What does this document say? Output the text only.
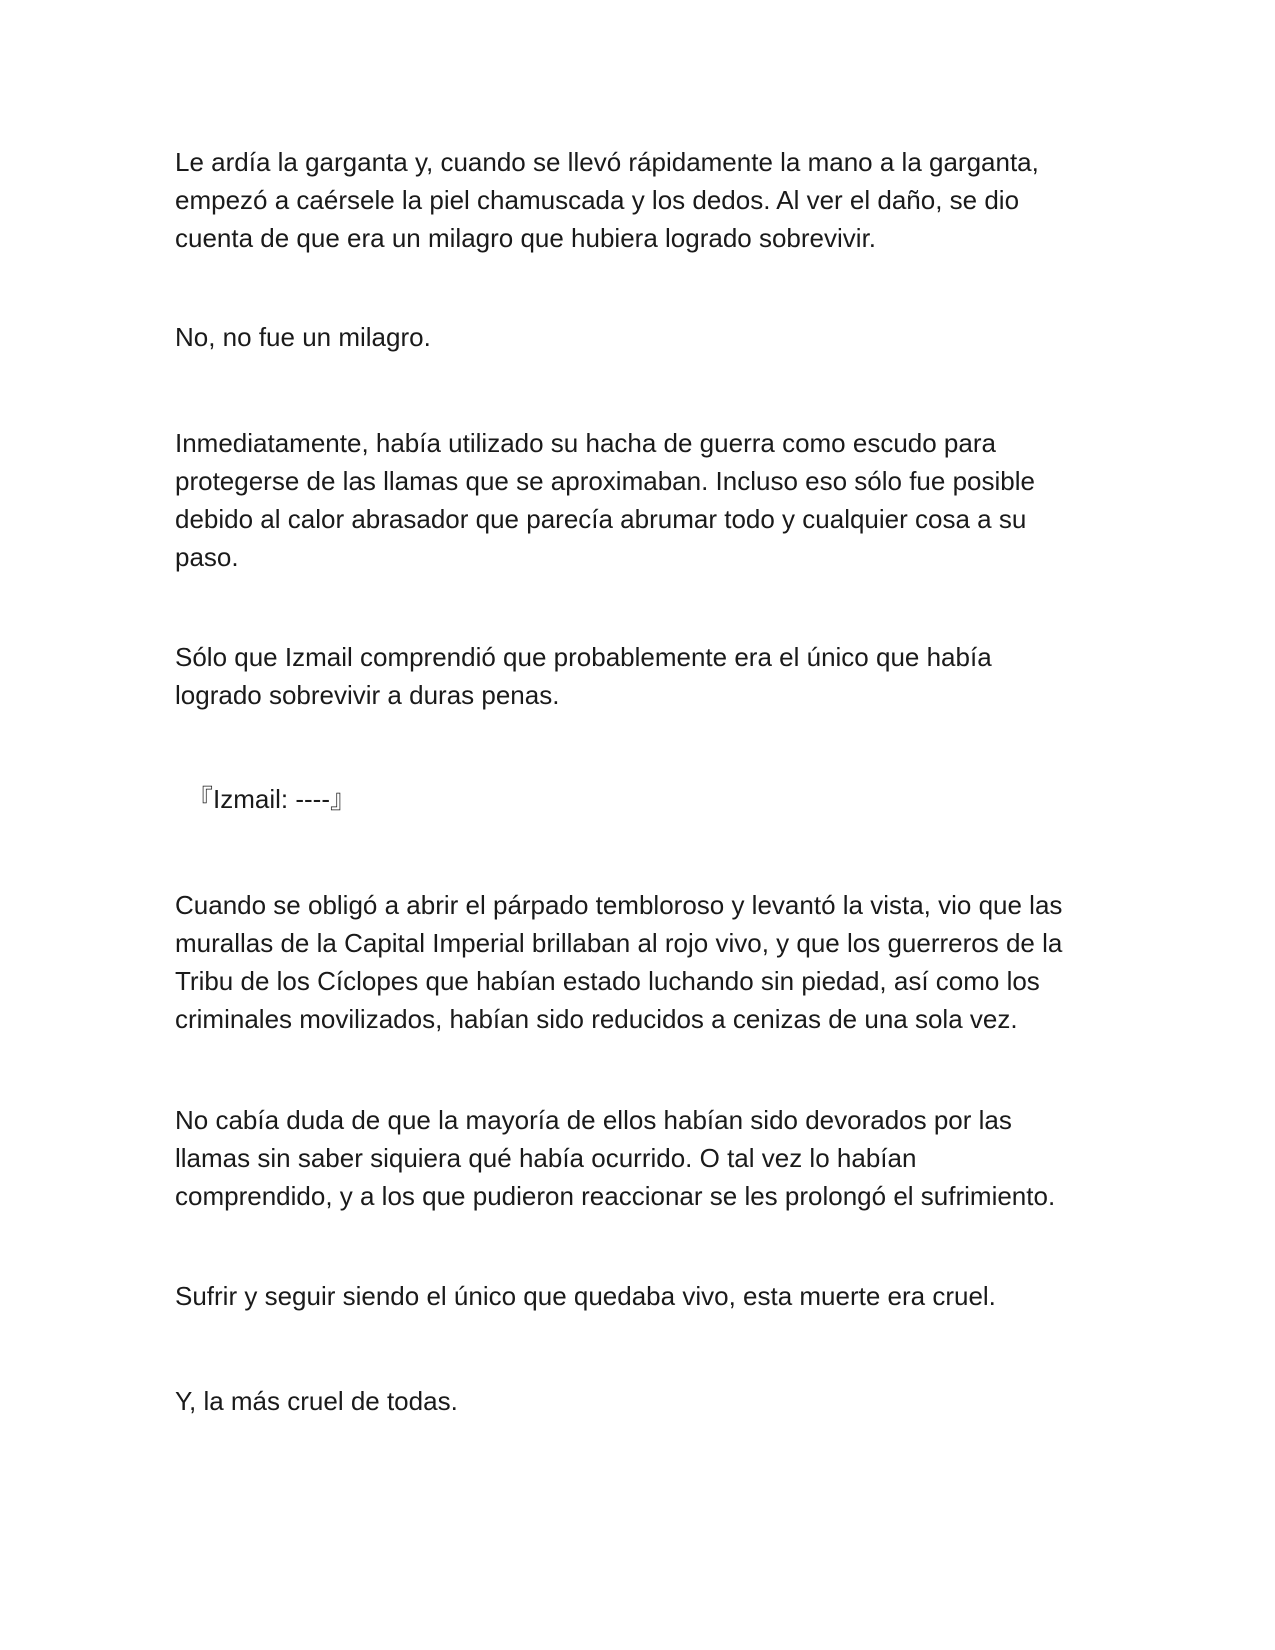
Le ardía la garganta y, cuando se llevó rápidamente la mano a la garganta,
empezó a caérsele la piel chamuscada y los dedos. Al ver el daño, se dio
cuenta de que era un milagro que hubiera logrado sobrevivir.

No, no fue un milagro.

Inmediatamente, había utilizado su hacha de guerra como escudo para
protegerse de las llamas que se aproximaban. Incluso eso sólo fue posible
debido al calor abrasador que parecía abrumar todo y cualquier cosa a su
paso.

Sólo que Izmail comprendió que probablemente era el único que había
logrado sobrevivir a duras penas.

『Izmail: ----』

Cuando se obligó a abrir el párpado tembloroso y levantó la vista, vio que las
murallas de la Capital Imperial brillaban al rojo vivo, y que los guerreros de la
Tribu de los Cíclopes que habían estado luchando sin piedad, así como los
criminales movilizados, habían sido reducidos a cenizas de una sola vez.

No cabía duda de que la mayoría de ellos habían sido devorados por las
llamas sin saber siquiera qué había ocurrido. O tal vez lo habían
comprendido, y a los que pudieron reaccionar se les prolongó el sufrimiento.

Sufrir y seguir siendo el único que quedaba vivo, esta muerte era cruel.

Y, la más cruel de todas.
